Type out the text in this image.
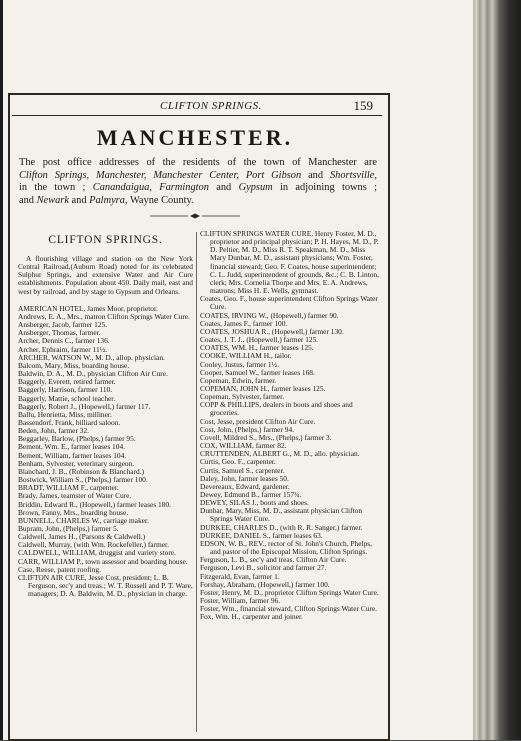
CLIFTON SPRINGS.	159
MANCHESTER.
The post office addresses of the residents of the town of Manchester are
Clifton Springs, Manchester, Manchester Center, Port Gibson and Shortsville,
in the town ; Canandaigua, Farmington and Gypsum in adjoining towns ;
and Newark and Palmyra, Wayne County.
CLIFTON SPRINGS.
A flourishing village and station on the New York Central Railroad,(Auburn Road) noted for its celebrated Sulphur Springs, and extensive Water and Air Cure establishments. Population about 450. Daily mail, east and west by railroad, and by stage to Gypsum and Orleans.

AMERICAN HOTEL, James Moor, proprietor.

Andrews, E. A., Mrs., matron Clifton Springs Water Cure.

Ansberger, Jacob, farmer 125.

Ansberger, Thomas, farmer.

Archer, Dennis C., farmer 136.

Archer, Ephraim, farmer 11½.

ARCHER, WATSON W., M. D., allop. physician.

Balcom, Mary, Miss, boarding house.

Baldwin, D. A., M. D., physician Clifton Air Cure.

Baggerly, Everett, retired farmer.

Baggerly, Harrison, farmer 110.

Baggerly, Mattie, school teacher.

Baggerly, Robert J., (Hopewell,) farmer 117.

Ballu, Henrietta, Miss, milliner.

Bassendorf, Frank, billiard saloon.

Beden, John, farmer 32.

Beggarley, Barlow, (Phelps,) farmer 95.

Bement, Wm. E., farmer leases 104.

Bement, William, farmer leases 104.

Benham, Sylvester, veterinary surgeon.

Blanchard, J. B., (Robinson & Blanchard.)

Bostwick, William S., (Phelps,) farmer 100.

BRADT, WILLIAM F., carpenter.

Brady, James, teamster of Water Cure.

Briddin, Edward R., (Hopewell,) farmer leases 180.

Brown, Fanny, Mrs., boarding house.

BUNNELL, CHARLES W., carriage maker.

Bupram, John, (Phelps,) farmer 5.

Caldwell, James H., (Parsons & Caldwell.)

Caldwell, Murray, (with Wm. Rockefeller,) farmer.

CALDWELL, WILLIAM, druggist and variety store.

CARR, WILLIAM P., town assessor and boarding house.

Case, Reese, patent roofing.

CLIFTON AIR CURE, Jesse Cost, president; L. B. Ferguson, sec'y and treas.; W. T. Russell and P. T. Ware, managers; D. A. Baldwin, M. D., physician in charge.

CLIFTON SPRINGS WATER CURE, Henry Foster, M. D., proprietor and principal physician; P. H. Hayes, M. D., P. D. Peltier, M. D., Miss R. T. Speakman, M. D., Miss Mary Dunbar, M. D., assistant physicians; Wm. Foster, financial steward; Geo. F. Coates, house superintendent; C. L. Judd, superintendent of grounds, &c.; C. B. Linton, clerk; Mrs. Cornelia Thorpe and Mrs. E. A. Andrews, matrons; Miss H. E. Wells, gymnast.

Coates, Geo. F., house superintendent Clifton Springs Water Cure.

COATES, IRVING W., (Hopewell,) farmer 90.

Coates, James F., farmer 100.

COATES, JOSHUA R., (Hopewell,) farmer 130.

Coates, J. T. J., (Hopewell,) farmer 125.

COATES, WM. H., farmer leases 125.

COOKE, WILLIAM H., tailor.

Cooley, Justus, farmer 1½.

Cooper, Samuel W., farmer leases 168.

Copeman, Edwin, farmer.

COPEMAN, JOHN H., farmer leases 125.

Copeman, Sylvester, farmer.

COPP & PHILLIPS, dealers in boots and shoes and groceries.

Cost, Jesse, president Clifton Air Cure.

Cost, John, (Phelps,) farmer 94.

Covell, Mildred S., Mrs., (Phelps,) farmer 3.

COX, WILLIAM, farmer 82.

CRUTTENDEN, ALBERT G., M. D., allo. physician.

Curtis, Geo. F., carpenter.

Curtis, Samuel S., carpenter.

Daley, John, farmer leases 50.

Devereaux, Edward, gardener.

Dewey, Edmund B., farmer 157¾.

DEWEY, SILAS J., boots and shoes.

Dunbar, Mary, Miss, M. D., assistant physician Clifton Springs Water Cure.

DURKEE, CHARLES D., (with R. R. Sanger,) farmer.

DURKEE, DANIEL S., farmer leases 63.

EDSON, W. B., REV., rector of St. John's Church, Phelps, and pastor of the Episcopal Mission, Clifton Springs.

Ferguson, L. B., sec'y and treas. Clifton Air Cure.

Ferguson, Levi B., solicitor and farmer 27.

Fitzgerald, Evan, farmer 1.

Forshay, Abraham, (Hopewell,) farmer 100.

Foster, Henry, M. D., proprietor Clifton Springs Water Cure.

Foster, William, farmer 96.

Foster, Wm., financial steward, Clifton Springs Water Cure.

Fox, Wm. H., carpenter and joiner.
